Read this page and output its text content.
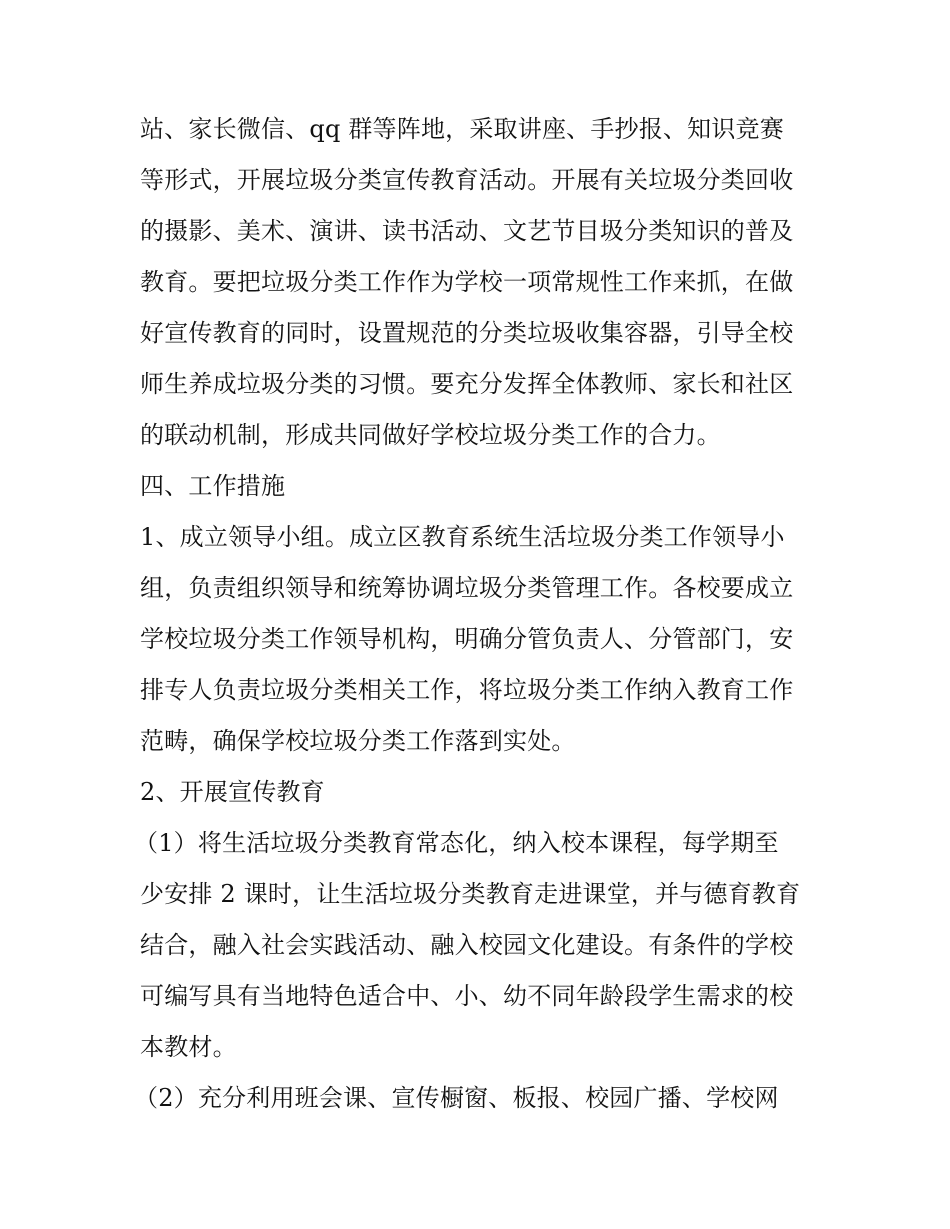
站、家长微信、qq 群等阵地，采取讲座、手抄报、知识竞赛
等形式，开展垃圾分类宣传教育活动。开展有关垃圾分类回收
的摄影、美术、演讲、读书活动、文艺节目圾分类知识的普及
教育。要把垃圾分类工作作为学校一项常规性工作来抓，在做
好宣传教育的同时，设置规范的分类垃圾收集容器，引导全校
师生养成垃圾分类的习惯。要充分发挥全体教师、家长和社区
的联动机制，形成共同做好学校垃圾分类工作的合力。
四、工作措施
1、成立领导小组。成立区教育系统生活垃圾分类工作领导小
组，负责组织领导和统筹协调垃圾分类管理工作。各校要成立
学校垃圾分类工作领导机构，明确分管负责人、分管部门，安
排专人负责垃圾分类相关工作，将垃圾分类工作纳入教育工作
范畴，确保学校垃圾分类工作落到实处。
2、开展宣传教育
（1）将生活垃圾分类教育常态化，纳入校本课程，每学期至
少安排 2 课时，让生活垃圾分类教育走进课堂，并与德育教育
结合，融入社会实践活动、融入校园文化建设。有条件的学校
可编写具有当地特色适合中、小、幼不同年龄段学生需求的校
本教材。
（2）充分利用班会课、宣传橱窗、板报、校园广播、学校网
